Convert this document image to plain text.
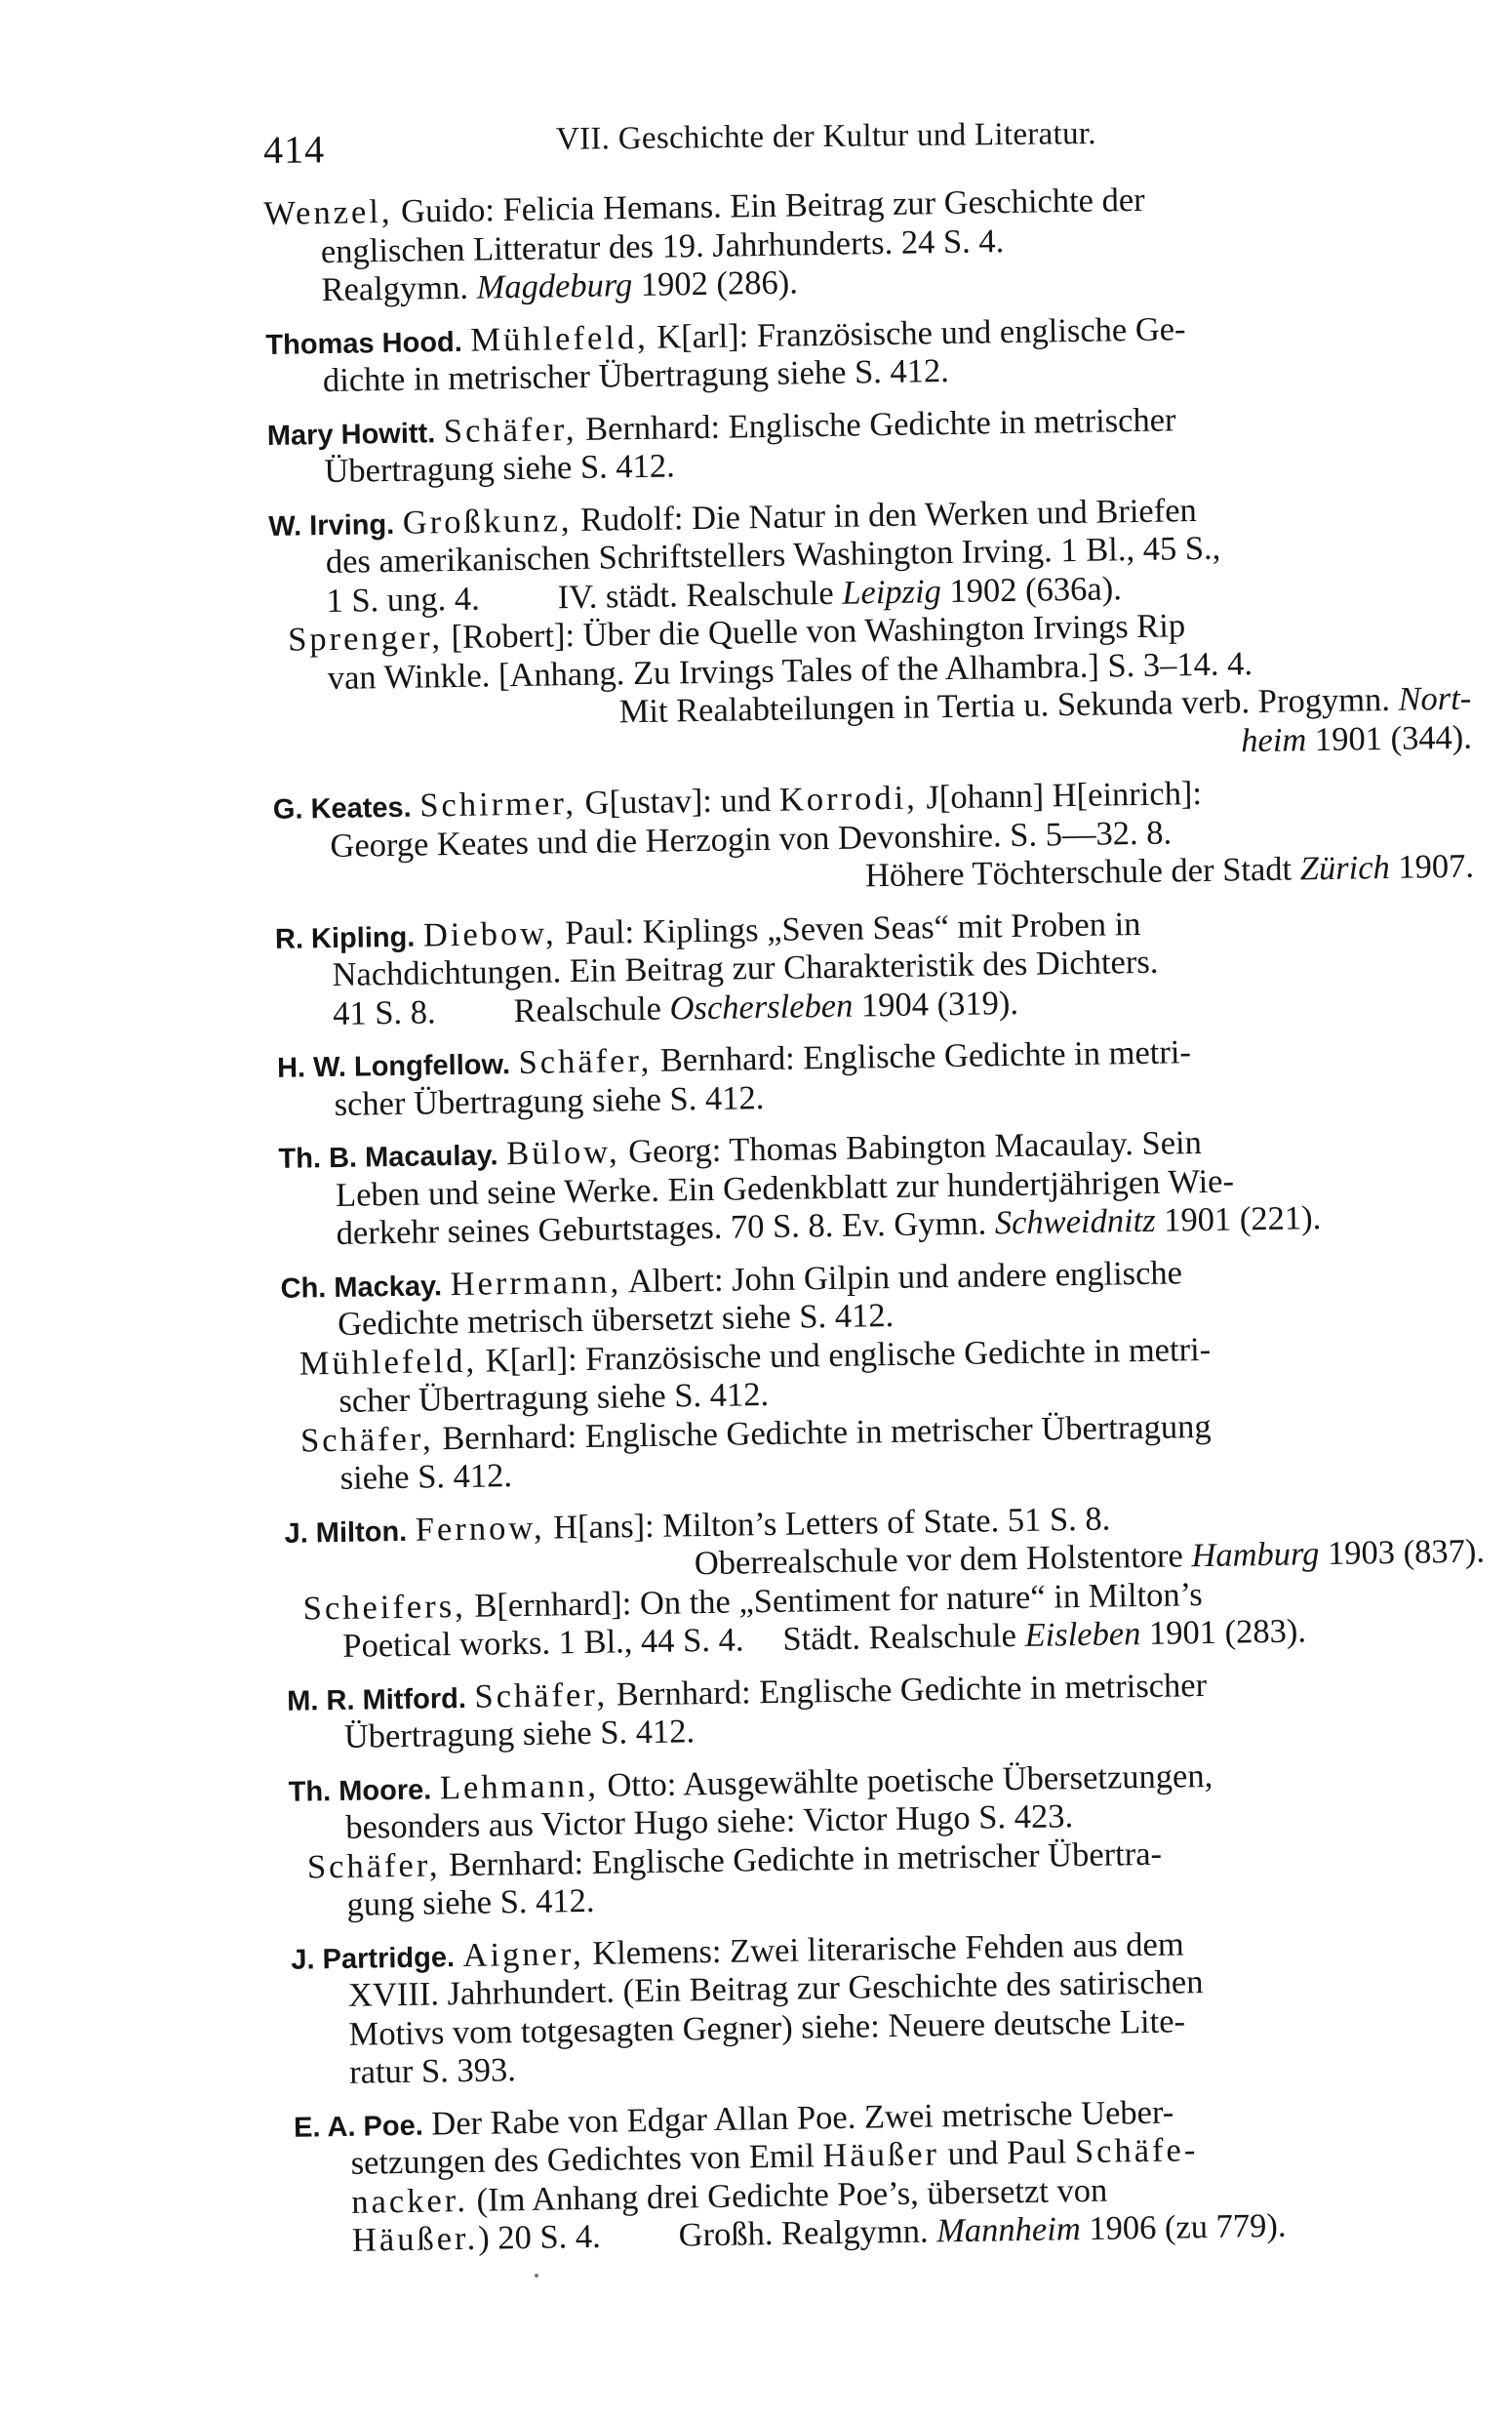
414	VII. Geschichte der Kultur und Literatur.
Wenzel, Guido: Felicia Hemans. Ein Beitrag zur Geschichte der
englischen Litteratur des 19. Jahrhunderts. 24 S. 4.
Realgymn. Magdeburg 1902 (286).
Thomas Hood. Mühlefeld, K[arl]: Französische und englische Ge-
dichte in metrischer Übertragung siehe S. 412.
Mary Howitt. Schäfer, Bernhard: Englische Gedichte in metrischer
Übertragung siehe S. 412.
W. Irving. Großkunz, Rudolf: Die Natur in den Werken und Briefen
des amerikanischen Schriftstellers Washington Irving. 1 Bl., 45 S.,
1 S. ung. 4. IV. städt. Realschule Leipzig 1902 (636a).
Sprenger, [Robert]: Über die Quelle von Washington Irvings Rip
van Winkle. [Anhang. Zu Irvings Tales of the Alhambra.] S. 3–14. 4.
Mit Realabteilungen in Tertia u. Sekunda verb. Progymn. Nort-
heim 1901 (344).
G. Keates. Schirmer, G[ustav]: und Korrodi, J[ohann] H[einrich]:
George Keates und die Herzogin von Devonshire. S. 5—32. 8.
Höhere Töchterschule der Stadt Zürich 1907.
R. Kipling. Diebow, Paul: Kiplings „Seven Seas“ mit Proben in
Nachdichtungen. Ein Beitrag zur Charakteristik des Dichters.
41 S. 8. Realschule Oschersleben 1904 (319).
H. W. Longfellow. Schäfer, Bernhard: Englische Gedichte in metri-
scher Übertragung siehe S. 412.
Th. B. Macaulay. Bülow, Georg: Thomas Babington Macaulay. Sein
Leben und seine Werke. Ein Gedenkblatt zur hundertjährigen Wie-
derkehr seines Geburtstages. 70 S. 8. Ev. Gymn. Schweidnitz 1901 (221).
Ch. Mackay. Herrmann, Albert: John Gilpin und andere englische
Gedichte metrisch übersetzt siehe S. 412.
Mühlefeld, K[arl]: Französische und englische Gedichte in metri-
scher Übertragung siehe S. 412.
Schäfer, Bernhard: Englische Gedichte in metrischer Übertragung
siehe S. 412.
J. Milton. Fernow, H[ans]: Milton’s Letters of State. 51 S. 8.
Oberrealschule vor dem Holstentore Hamburg 1903 (837).
Scheifers, B[ernhard]: On the „Sentiment for nature“ in Milton’s
Poetical works. 1 Bl., 44 S. 4. Städt. Realschule Eisleben 1901 (283).
M. R. Mitford. Schäfer, Bernhard: Englische Gedichte in metrischer
Übertragung siehe S. 412.
Th. Moore. Lehmann, Otto: Ausgewählte poetische Übersetzungen,
besonders aus Victor Hugo siehe: Victor Hugo S. 423.
Schäfer, Bernhard: Englische Gedichte in metrischer Übertra-
gung siehe S. 412.
J. Partridge. Aigner, Klemens: Zwei literarische Fehden aus dem
XVIII. Jahrhundert. (Ein Beitrag zur Geschichte des satirischen
Motivs vom totgesagten Gegner) siehe: Neuere deutsche Lite-
ratur S. 393.
E. A. Poe. Der Rabe von Edgar Allan Poe. Zwei metrische Ueber-
setzungen des Gedichtes von Emil Häußer und Paul Schäfe-
nacker. (Im Anhang drei Gedichte Poe’s, übersetzt von
Häußer.) 20 S. 4. Großh. Realgymn. Mannheim 1906 (zu 779).
